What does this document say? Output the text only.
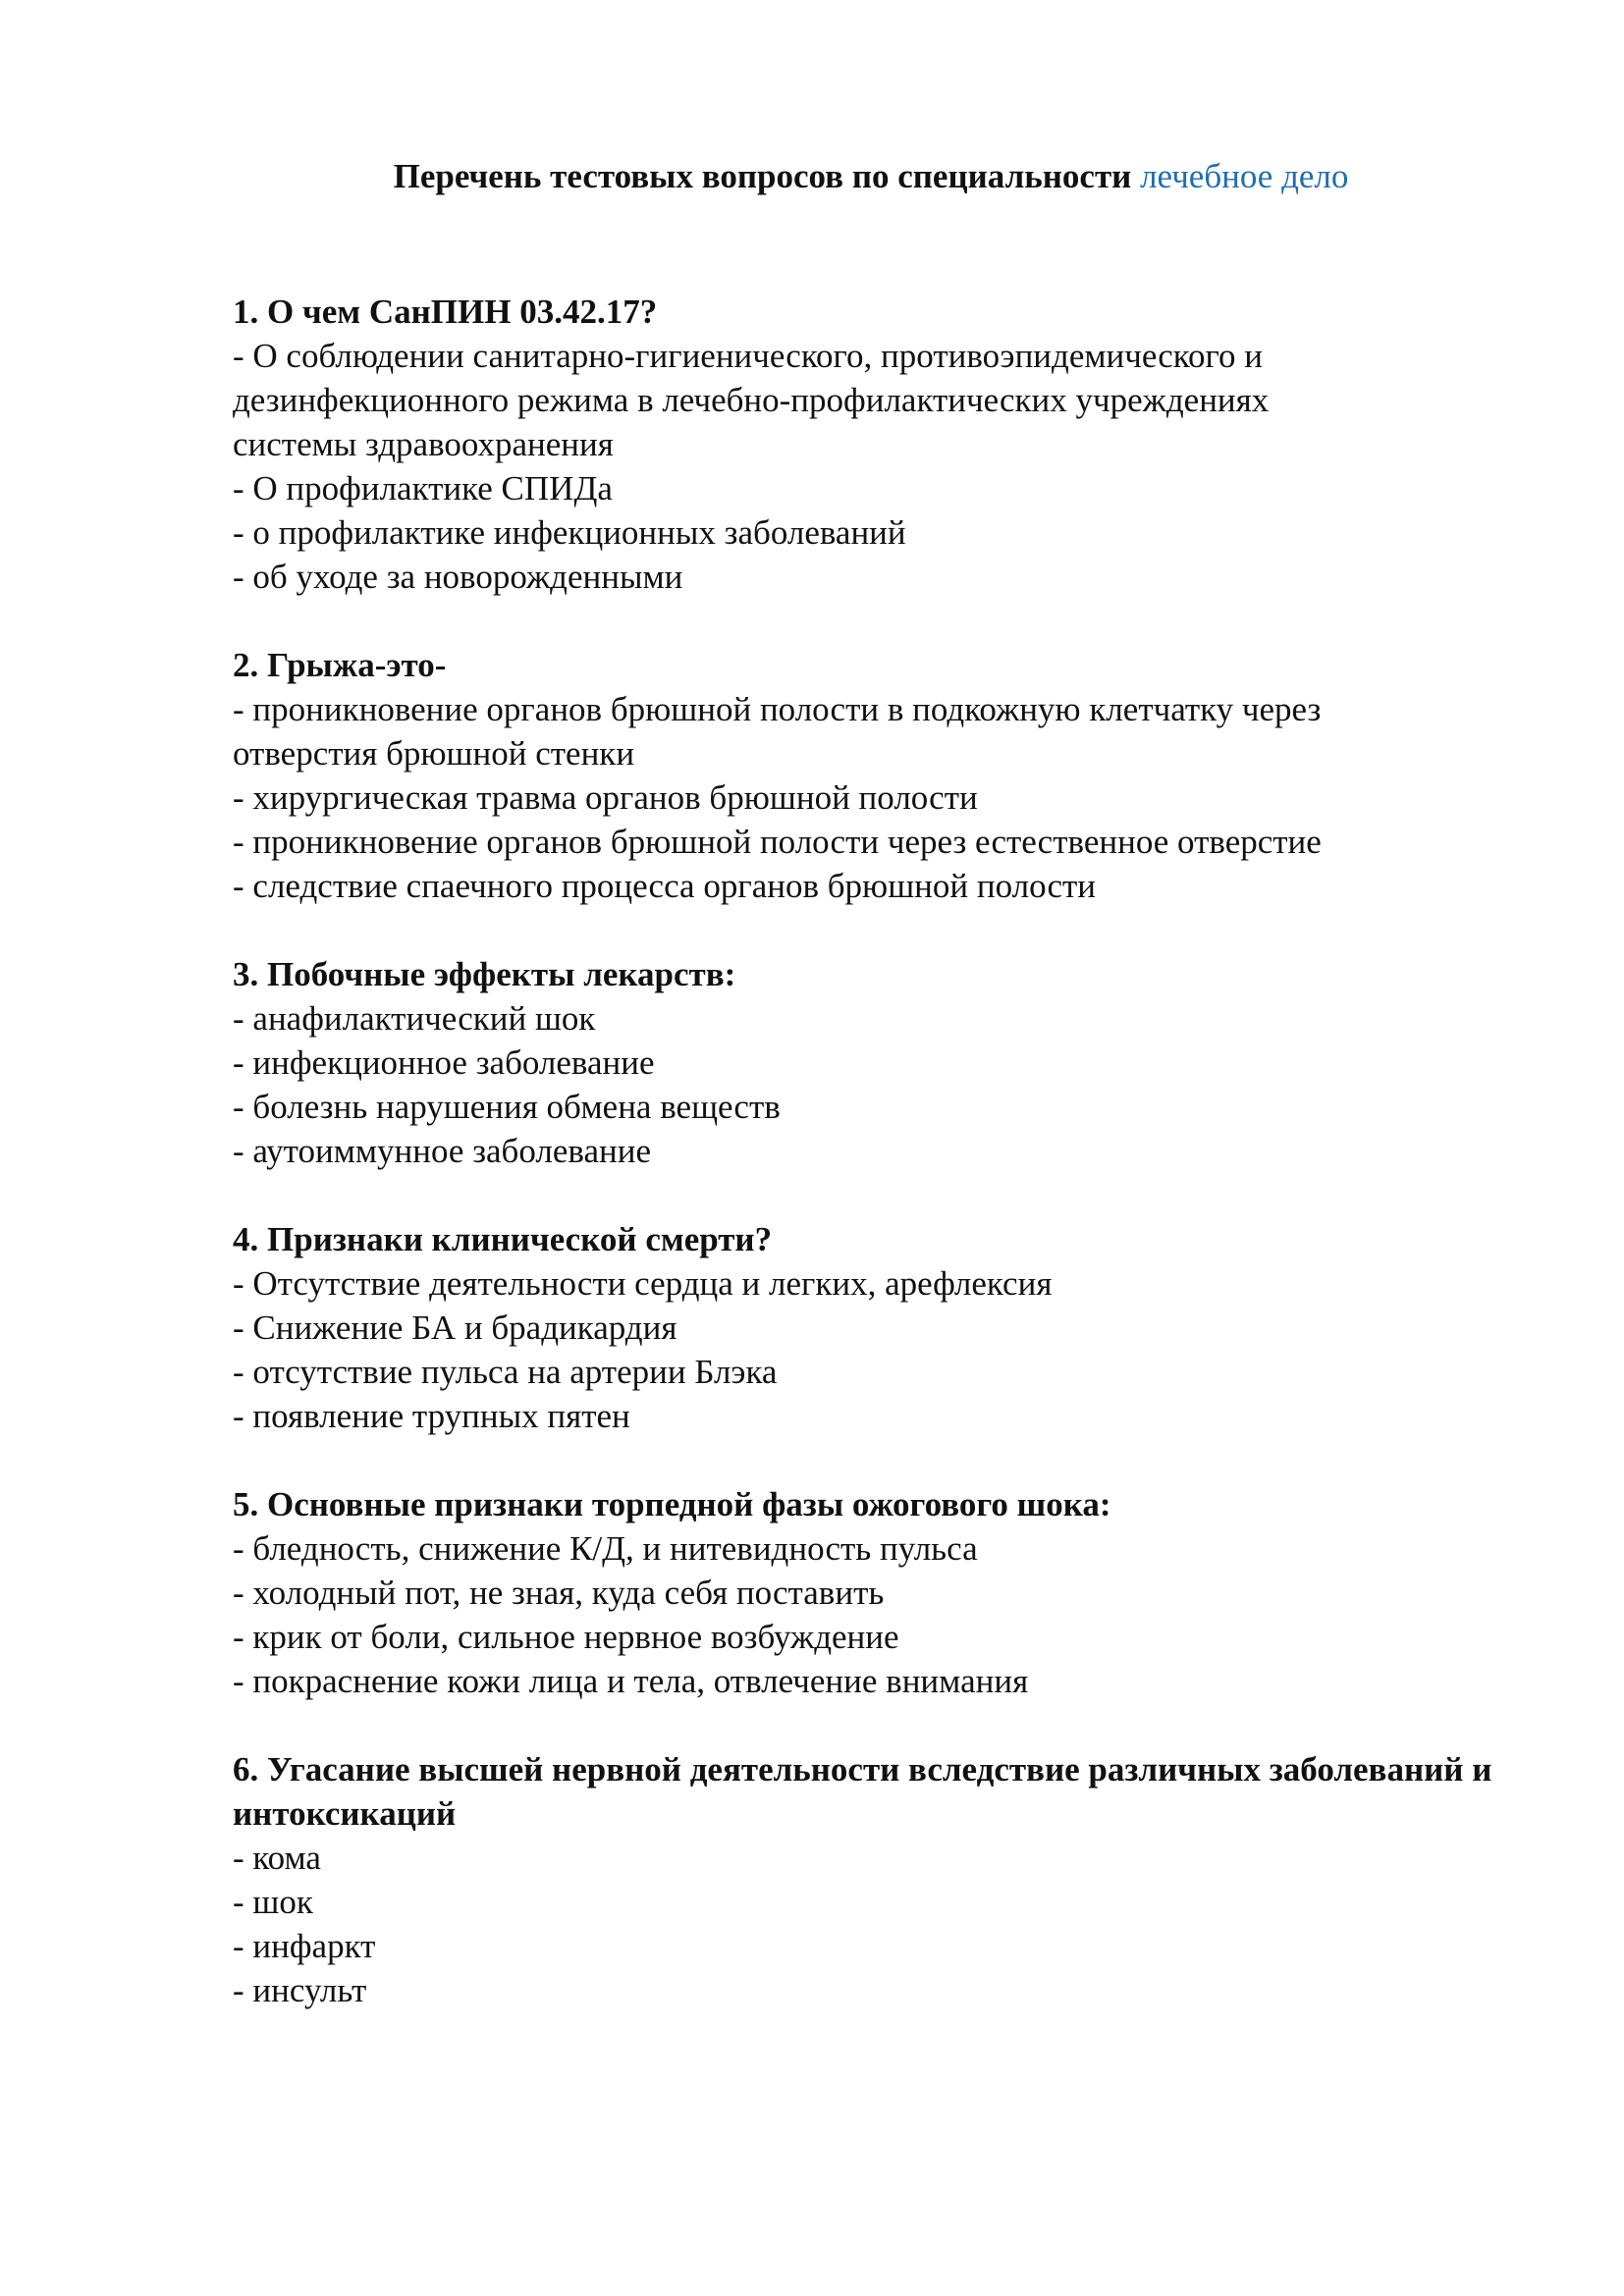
Перечень тестовых вопросов по специальности лечебное дело

1. О чем СанПИН 03.42.17?

- О соблюдении санитарно-гигиенического, противоэпидемического и

дезинфекционного режима в лечебно-профилактических учреждениях

системы здравоохранения

- О профилактике СПИДа

- о профилактике инфекционных заболеваний

- об уходе за новорожденными

2. Грыжа-это-

- проникновение органов брюшной полости в подкожную клетчатку через

отверстия брюшной стенки

- хирургическая травма органов брюшной полости

- проникновение органов брюшной полости через естественное отверстие

- следствие спаечного процесса органов брюшной полости

3. Побочные эффекты лекарств:

- анафилактический шок

- инфекционное заболевание

- болезнь нарушения обмена веществ

- аутоиммунное заболевание

4. Признаки клинической смерти?

- Отсутствие деятельности сердца и легких, арефлексия

- Снижение БА и брадикардия

- отсутствие пульса на артерии Блэка

- появление трупных пятен

5. Основные признаки торпедной фазы ожогового шока:

- бледность, снижение К/Д, и нитевидность пульса

- холодный пот, не зная, куда себя поставить

- крик от боли, сильное нервное возбуждение

- покраснение кожи лица и тела, отвлечение внимания

6. Угасание высшей нервной деятельности вследствие различных заболеваний и интоксикаций

- кома

- шок

- инфаркт

- инсульт
